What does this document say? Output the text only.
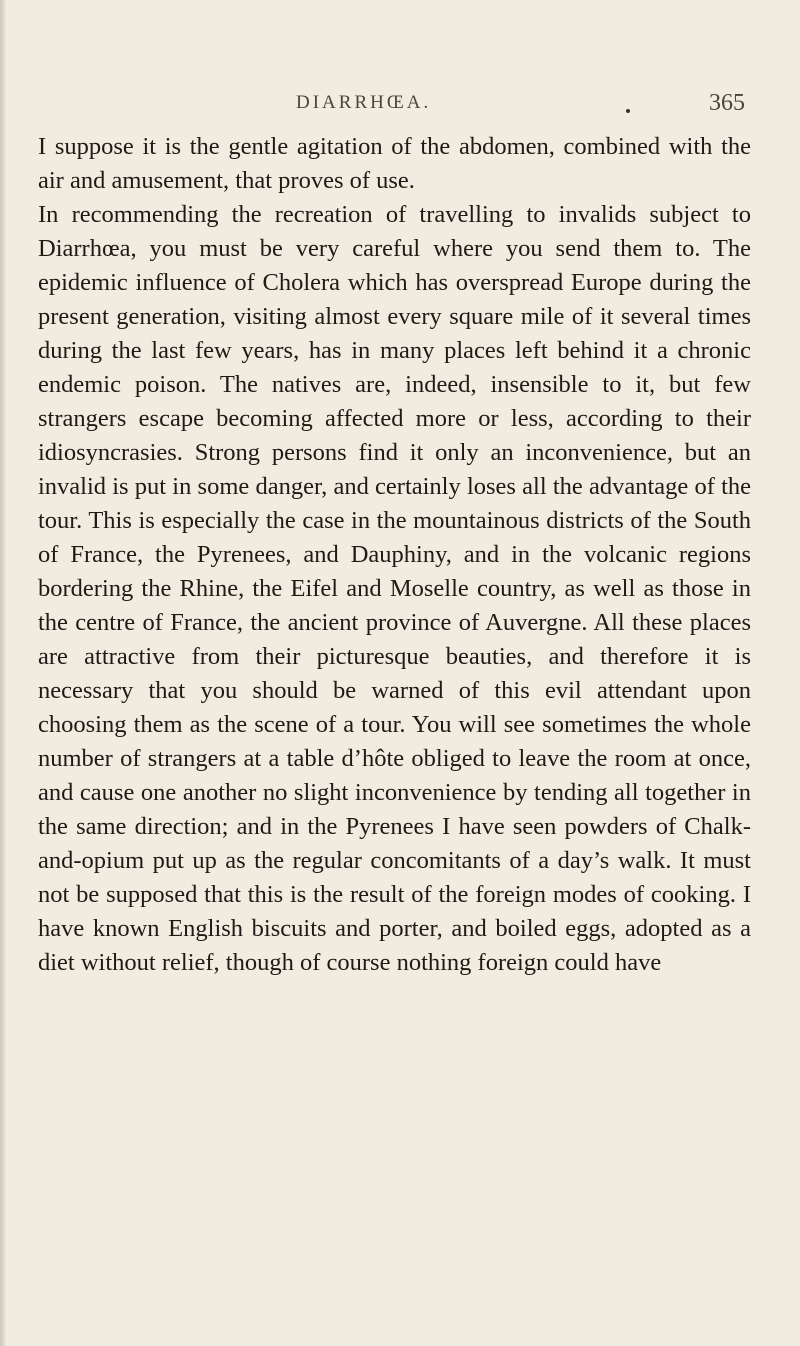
DIARRHŒA.	365

I suppose it is the gentle agitation of the abdomen, combined with the air and amusement, that proves of use.

In recommending the recreation of travelling to invalids subject to Diarrhœa, you must be very careful where you send them to. The epidemic influence of Cholera which has overspread Europe during the present generation, visiting almost every square mile of it several times during the last few years, has in many places left behind it a chronic endemic poison. The natives are, indeed, insensible to it, but few strangers escape becoming affected more or less, according to their idiosyncrasies. Strong persons find it only an inconvenience, but an invalid is put in some danger, and certainly loses all the advantage of the tour. This is especially the case in the mountainous districts of the South of France, the Pyrenees, and Dauphiny, and in the volcanic regions bordering the Rhine, the Eifel and Moselle country, as well as those in the centre of France, the ancient province of Auvergne. All these places are attractive from their picturesque beauties, and therefore it is necessary that you should be warned of this evil attendant upon choosing them as the scene of a tour. You will see sometimes the whole number of strangers at a table d’hôte obliged to leave the room at once, and cause one another no slight inconvenience by tending all together in the same direction; and in the Pyrenees I have seen powders of Chalk-and-opium put up as the regular concomitants of a day’s walk. It must not be supposed that this is the result of the foreign modes of cooking. I have known English biscuits and porter, and boiled eggs, adopted as a diet without relief, though of course nothing foreign could have
